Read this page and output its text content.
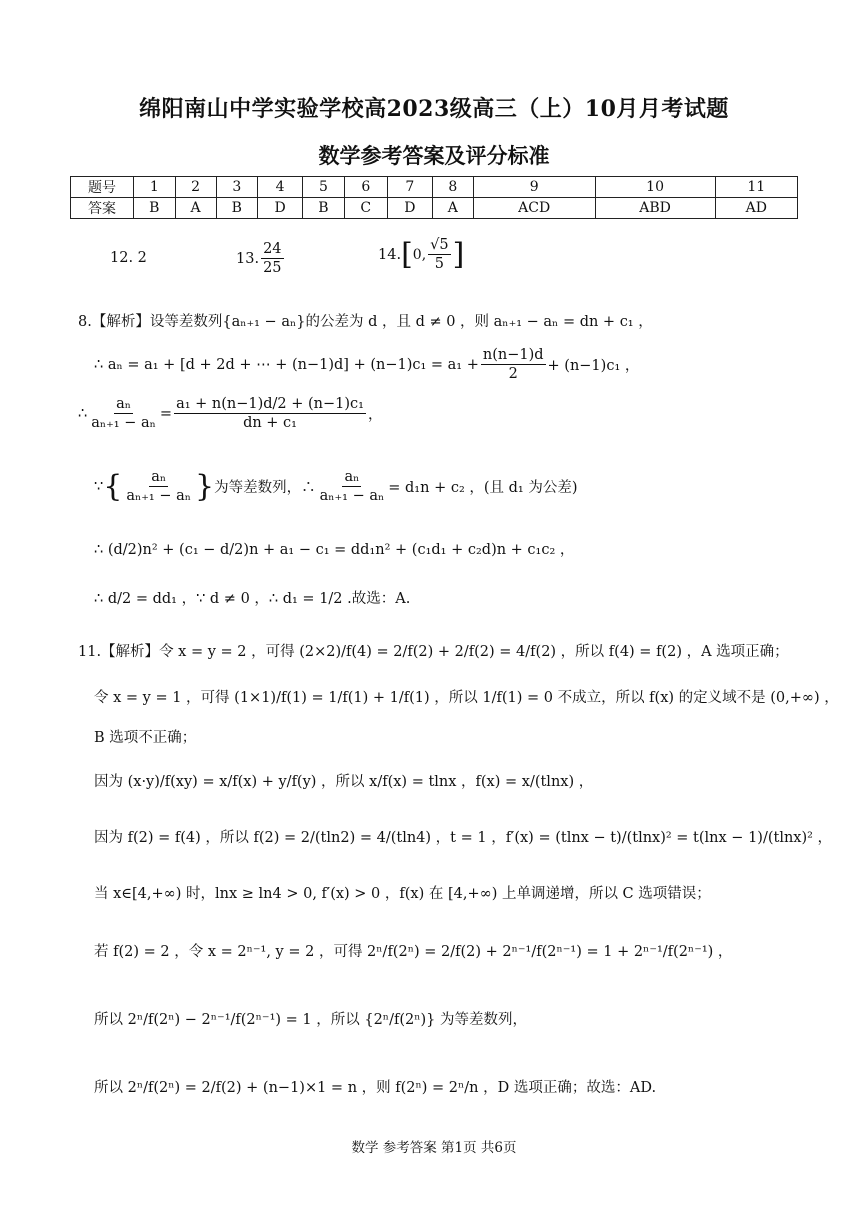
绵阳南山中学实验学校高2023级高三（上）10月月考试题
数学参考答案及评分标准
题号	1	2	3	4	5	6	7	8	9	10	11
答案	B	A	B	D	B	C	D	A	ACD	ABD	AD
12. 2	13. $\frac{24}{25}$	14. [ 0, $\frac{√5}{5}$ ]
8.【解析】 设等差数列{aₙ₊₁ − aₙ}的公差为 d ，且 d ≠ 0 ，则 aₙ₊₁ − aₙ = dn + c₁ ，
∴ aₙ = a₁ + [d + 2d + ⋯ + $(n-1)d] + (n-1)c_1 = a_1 + \frac{n(n-1)d}{2} + (n-1)c_1$ ，
∴ $\frac{\text{aₙ}}{\text{aₙ₊₁ − aₙ}} = \frac{\text{a₁ + n(n−1)d/2 + (n−1)c₁}}{\text{dn + c₁}}$ ，
∵ { $\frac{\text{aₙ}}{\text{aₙ₊₁ − aₙ}}$ } 为等差数列，∴ $\frac{\text{aₙ}}{\text{aₙ₊₁ − aₙ}} = d_1n + c_2$ ，(且 d₁ 为公差)
∴ (d/2)n² + (c₁ − d/2)n + a₁ − c₁ = dd₁n² + (c₁d₁ + c₂d)n + c₁c₂ ，
∴ d/2 = dd₁ ，∵ d ≠ 0 ，∴ d₁ = 1/2 .故选：A.
11.【解析】 令 x = y = 2 ，可得 (2×2)/f(4) = 2/f(2) + 2/f(2) = 4/f(2) ，所以 f(4) = f(2) ，A 选项正确；
令 x = y = 1 ，可得 (1×1)/f(1) = 1/f(1) + 1/f(1) ，所以 1/f(1) = 0 不成立，所以 f(x) 的定义域不是 (0,+∞) ，
B 选项不正确；
因为 (x·y)/f(xy) = x/f(x) + y/f(y) ，所以 x/f(x) = tlnx ，f(x) = x/(tlnx) ，
因为 f(2) = f(4) ，所以 f(2) = 2/(tln2) = 4/(tln4) ，t = 1 ，f′(x) = (tlnx − t)/(tlnx)² = t(lnx − 1)/(tlnx)² ，
当 x∈[4,+∞) 时，lnx ≥ ln4 > 0, f′(x) > 0 ，f(x) 在 [4,+∞) 上单调递增，所以 C 选项错误；
若 f(2) = 2 ，令 x = 2ⁿ⁻¹, y = 2 ，可得 2ⁿ/f(2ⁿ) = 2/f(2) + 2ⁿ⁻¹/f(2ⁿ⁻¹) = 1 + 2ⁿ⁻¹/f(2ⁿ⁻¹) ，
所以 2ⁿ/f(2ⁿ) − 2ⁿ⁻¹/f(2ⁿ⁻¹) = 1 ，所以 {2ⁿ/f(2ⁿ)} 为等差数列，
所以 2ⁿ/f(2ⁿ) = 2/f(2) + (n−1)×1 = n ，则 f(2ⁿ) = 2ⁿ/n ，D 选项正确；故选：AD.
数学 参考答案 第1页 共6页
